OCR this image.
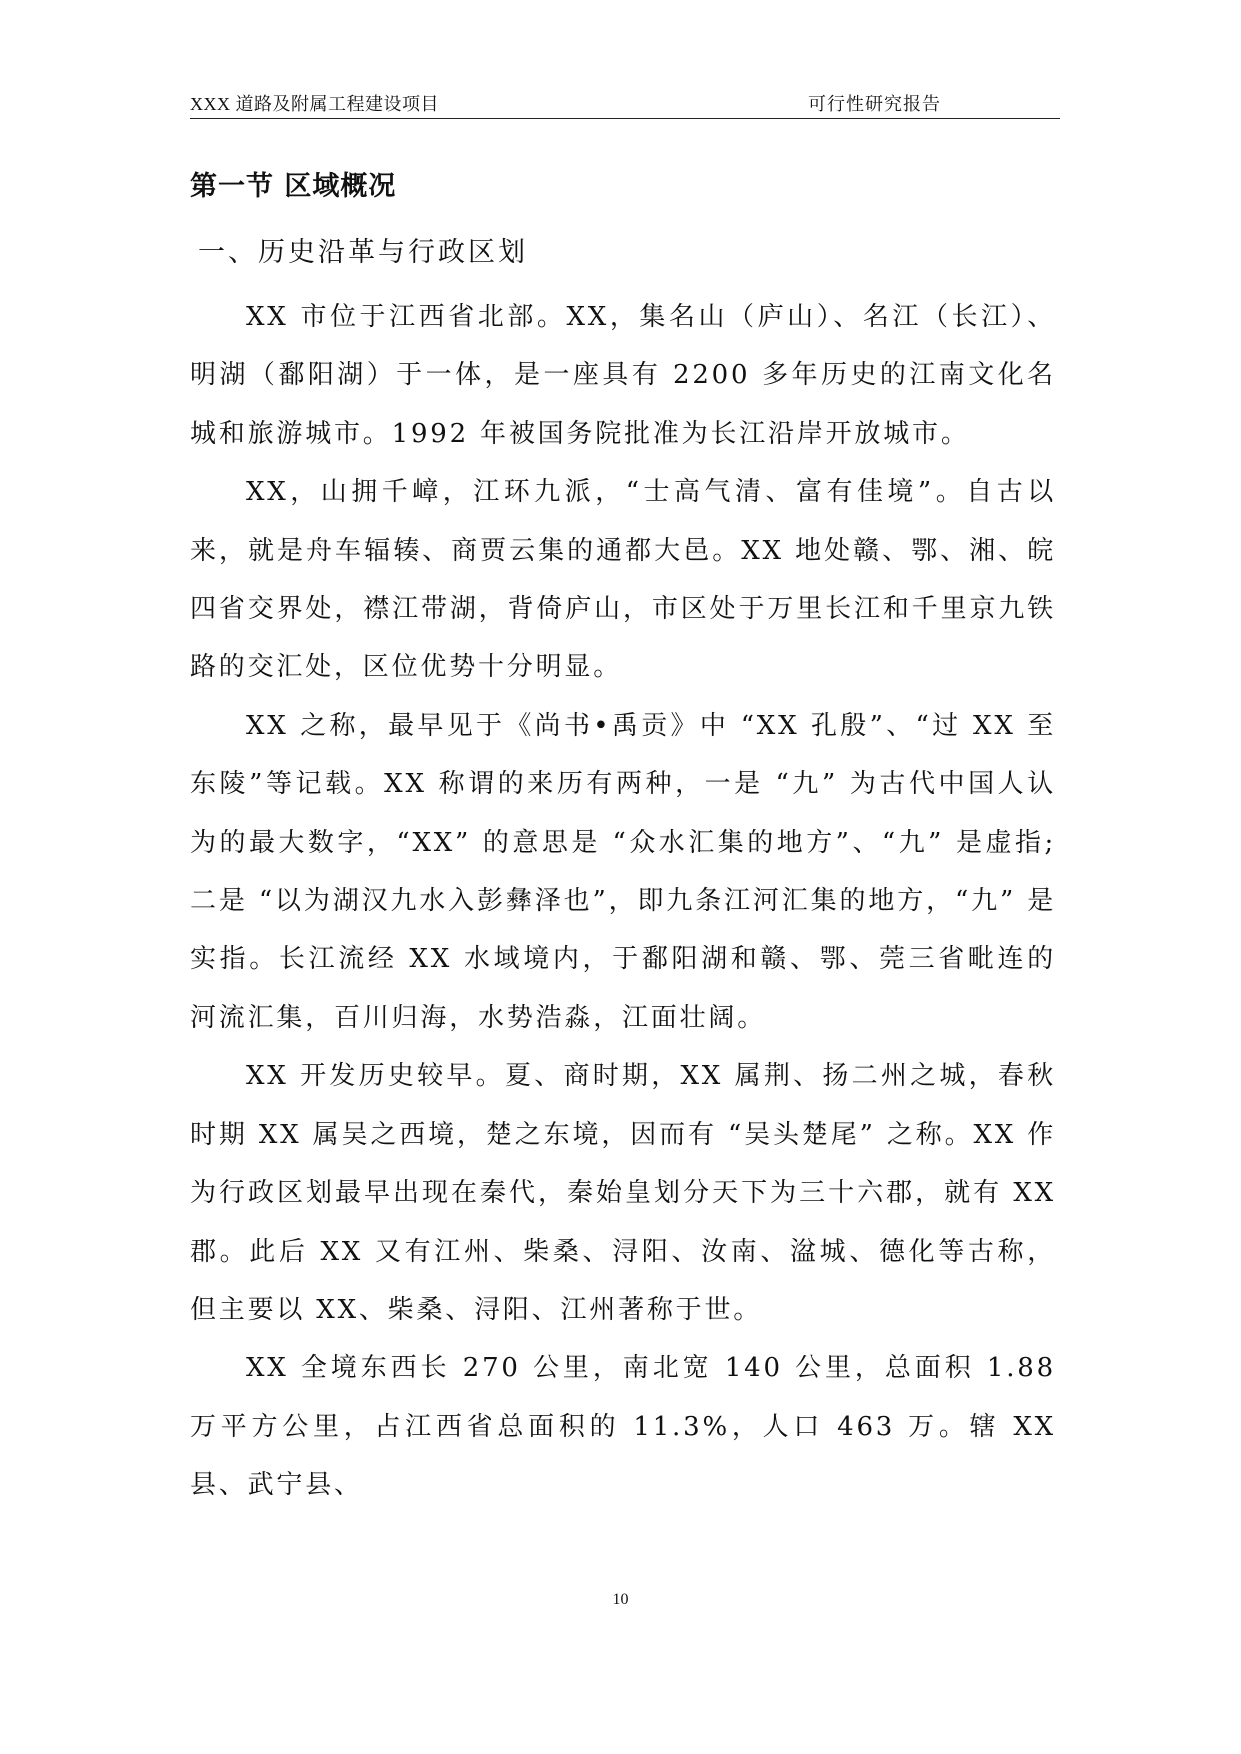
XXX 道路及附属工程建设项目	可行性研究报告
第一节 区域概况
一、历史沿革与行政区划

XX 市位于江西省北部。XX，集名山（庐山）、名江（长江）、明湖（鄱阳湖）于一体，是一座具有 2200 多年历史的江南文化名城和旅游城市。1992 年被国务院批准为长江沿岸开放城市。

XX，山拥千嶂，江环九派，“士高气清、富有佳境”。自古以来，就是舟车辐辏、商贾云集的通都大邑。XX 地处赣、鄂、湘、皖四省交界处，襟江带湖，背倚庐山，市区处于万里长江和千里京九铁路的交汇处，区位优势十分明显。

XX 之称，最早见于《尚书•禹贡》中 “XX 孔殷”、“过 XX 至东陵”等记载。XX 称谓的来历有两种，一是 “九” 为古代中国人认为的最大数字，“XX” 的意思是 “众水汇集的地方”、“九” 是虚指; 二是 “以为湖汉九水入彭彝泽也”，即九条江河汇集的地方，“九” 是实指。长江流经 XX 水域境内，于鄱阳湖和赣、鄂、莞三省毗连的河流汇集，百川归海，水势浩淼，江面壮阔。

XX 开发历史较早。夏、商时期，XX 属荆、扬二州之城，春秋时期 XX 属吴之西境，楚之东境，因而有 “吴头楚尾” 之称。XX 作为行政区划最早出现在秦代，秦始皇划分天下为三十六郡，就有 XX 郡。此后 XX 又有江州、柴桑、浔阳、汝南、湓城、德化等古称，但主要以 XX、柴桑、浔阳、江州著称于世。

XX 全境东西长 270 公里，南北宽 140 公里，总面积 1.88 万平方公里，占江西省总面积的 11.3%，人口 463 万。辖 XX 县、武宁县、

10
